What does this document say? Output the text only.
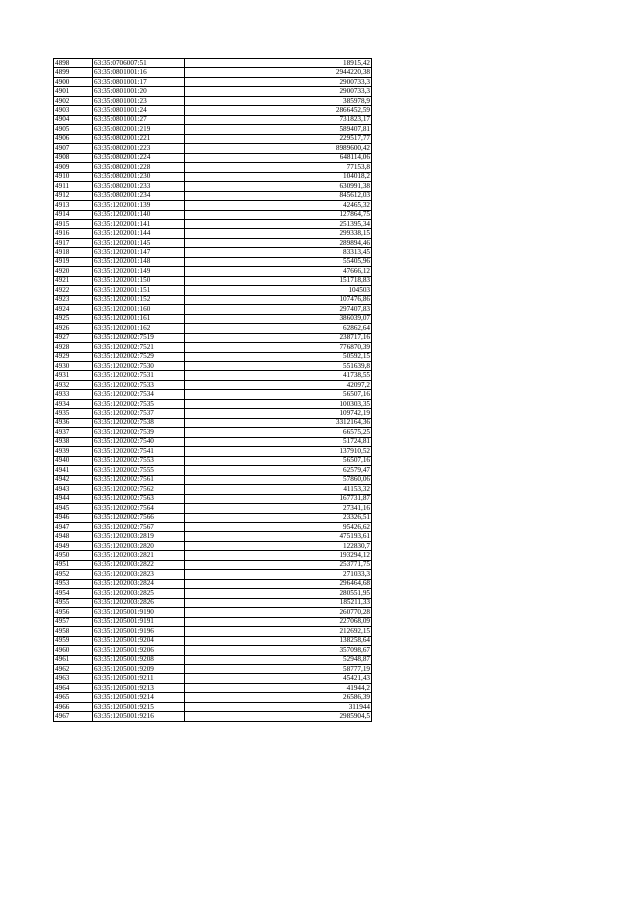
4898	63:35:0706007:51	18915,42
4899	63:35:0801001:16	2944220,38
4900	63:35:0801001:17	2900733,3
4901	63:35:0801001:20	2900733,3
4902	63:35:0801001:23	385978,9
4903	63:35:0801001:24	2866452,59
4904	63:35:0801001:27	731823,17
4905	63:35:0802001:219	589407,81
4906	63:35:0802001:221	229517,77
4907	63:35:0802001:223	8989600,42
4908	63:35:0802001:224	648114,06
4909	63:35:0802001:228	77153,8
4910	63:35:0802001:230	104018,2
4911	63:35:0802001:233	630991,38
4912	63:35:0802001:234	845612,03
4913	63:35:1202001:139	42465,32
4914	63:35:1202001:140	127864,75
4915	63:35:1202001:141	251395,34
4916	63:35:1202001:144	299338,15
4917	63:35:1202001:145	289894,46
4918	63:35:1202001:147	83313,45
4919	63:35:1202001:148	55405,96
4920	63:35:1202001:149	47666,12
4921	63:35:1202001:150	151718,83
4922	63:35:1202001:151	104503
4923	63:35:1202001:152	107476,86
4924	63:35:1202001:160	297407,83
4925	63:35:1202001:161	386039,07
4926	63:35:1202001:162	62862,64
4927	63:35:1202002:7519	238717,16
4928	63:35:1202002:7521	776870,39
4929	63:35:1202002:7529	50592,15
4930	63:35:1202002:7530	551639,8
4931	63:35:1202002:7531	41738,55
4932	63:35:1202002:7533	42097,2
4933	63:35:1202002:7534	56507,16
4934	63:35:1202002:7535	100303,35
4935	63:35:1202002:7537	109742,19
4936	63:35:1202002:7538	3312164,36
4937	63:35:1202002:7539	66575,25
4938	63:35:1202002:7540	51724,81
4939	63:35:1202002:7541	137910,52
4940	63:35:1202002:7553	56507,16
4941	63:35:1202002:7555	62579,47
4942	63:35:1202002:7561	57860,06
4943	63:35:1202002:7562	41153,32
4944	63:35:1202002:7563	167731,87
4945	63:35:1202002:7564	27341,16
4946	63:35:1202002:7566	23326,51
4947	63:35:1202002:7567	95426,62
4948	63:35:1202003:2819	475193,61
4949	63:35:1202003:2820	122830,7
4950	63:35:1202003:2821	193294,12
4951	63:35:1202003:2822	253771,75
4952	63:35:1202003:2823	271033,3
4953	63:35:1202003:2824	296464,68
4954	63:35:1202003:2825	280551,95
4955	63:35:1202003:2826	185211,33
4956	63:35:1205001:9190	260770,28
4957	63:35:1205001:9191	227068,09
4958	63:35:1205001:9196	212692,15
4959	63:35:1205001:9204	138258,64
4960	63:35:1205001:9206	357098,67
4961	63:35:1205001:9208	52948,87
4962	63:35:1205001:9209	58777,19
4963	63:35:1205001:9211	45421,43
4964	63:35:1205001:9213	41944,2
4965	63:35:1205001:9214	26586,39
4966	63:35:1205001:9215	311944
4967	63:35:1205001:9216	2985904,5
